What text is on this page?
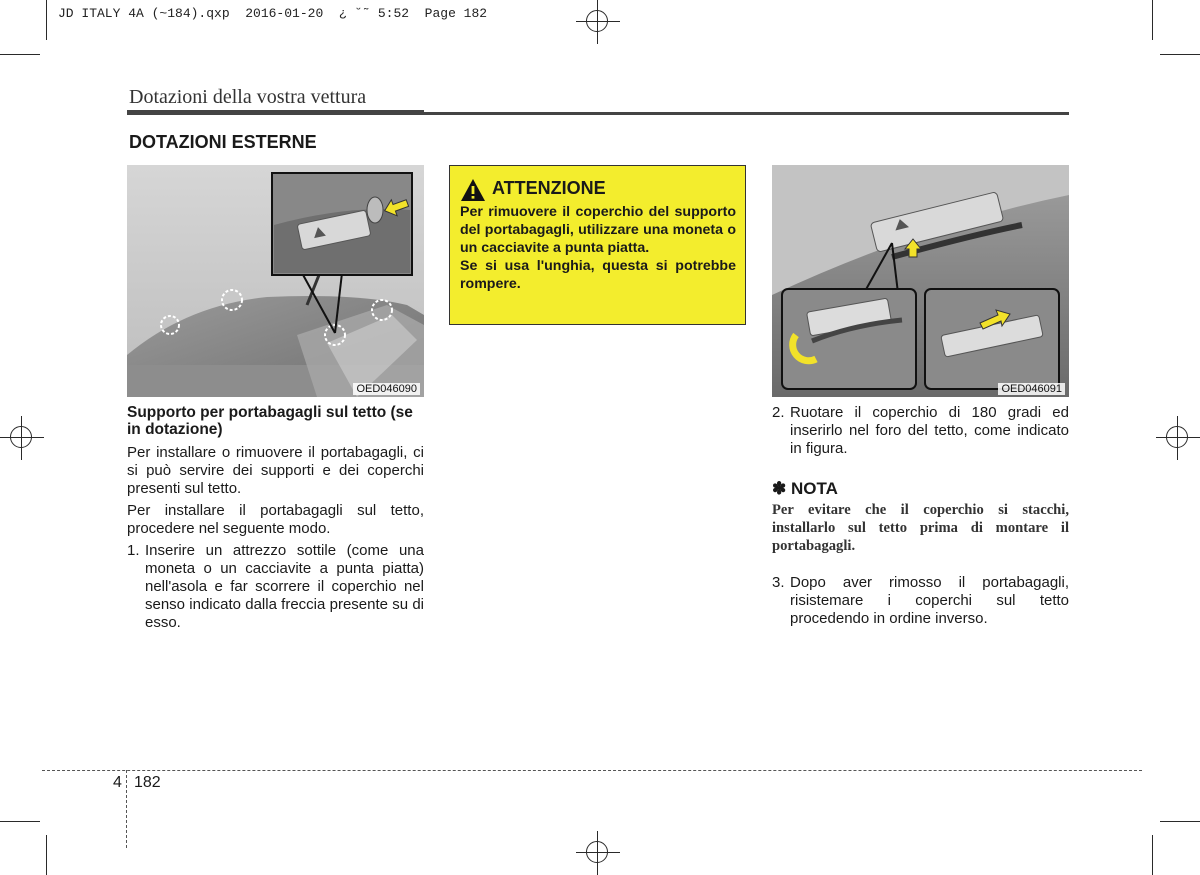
JD ITALY 4A (~184).qxp  2016-01-20  ¿ ˘˜ 5:52  Page 182
Dotazioni della vostra vettura
DOTAZIONI ESTERNE
OED046090
ATTENZIONE

Per rimuovere il coperchio del supporto del portabagagli, utilizzare una moneta o un cacciavite a punta piatta.

Se si usa l'unghia, questa si potrebbe rompere.

OED046091
Supporto per portabagagli sul tetto (se in dotazione)

Per installare o rimuovere il portabagagli, ci si può servire dei supporti e dei coperchi presenti sul tetto.

Per installare il portabagagli sul tetto, procedere nel seguente modo.

1. Inserire un attrezzo sottile (come una moneta o un cacciavite a punta piatta) nell'asola e far scorrere il coperchio nel senso indicato dalla freccia presente su di esso.
2. Ruotare il coperchio di 180 gradi ed inserirlo nel foro del tetto, come indicato in figura.
✽ NOTA
Per evitare che il coperchio si stacchi, installarlo sul tetto prima di montare il portabagagli.
3. Dopo aver rimosso il portabagagli, risistemare i coperchi sul tetto procedendo in ordine inverso.
4 182
